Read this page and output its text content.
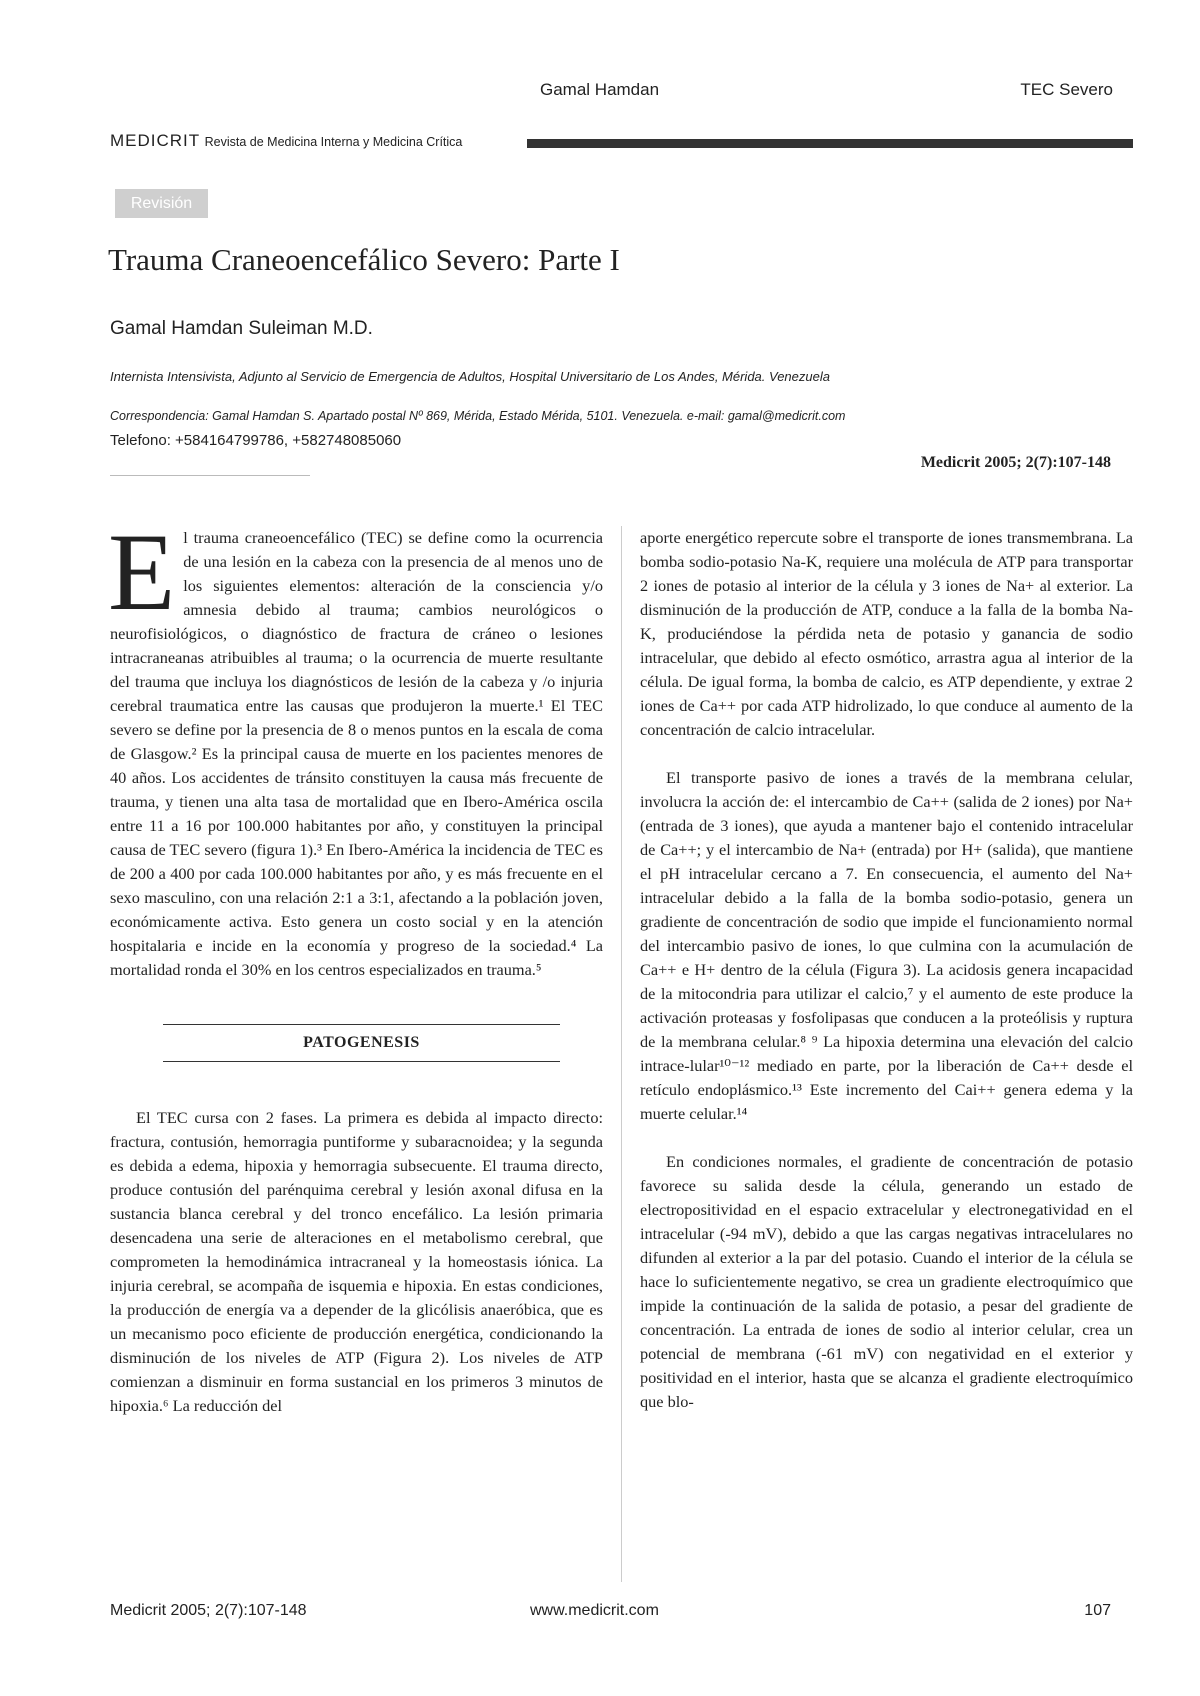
Gamal Hamdan	TEC Severo
MEDICRIT Revista de Medicina Interna y Medicina Crítica
Revisión
Trauma Craneoencefálico Severo: Parte I
Gamal Hamdan Suleiman M.D.
Internista Intensivista, Adjunto al Servicio de Emergencia de Adultos, Hospital Universitario de Los Andes, Mérida. Venezuela
Correspondencia: Gamal Hamdan S. Apartado postal Nº 869, Mérida, Estado Mérida, 5101. Venezuela. e-mail: gamal@medicrit.com
Telefono: +584164799786, +582748085060
Medicrit 2005; 2(7):107-148

El trauma craneoencefálico (TEC) se define como la ocurrencia de una lesión en la cabeza con la presencia de al menos uno de los siguientes elementos: alteración de la consciencia y/o amnesia debido al trauma; cambios neurológicos o neurofisiológicos, o diagnóstico de fractura de cráneo o lesiones intracraneanas atribuibles al trauma; o la ocurrencia de muerte resultante del trauma que incluya los diagnósticos de lesión de la cabeza y /o injuria cerebral traumatica entre las causas que produjeron la muerte.¹ El TEC severo se define por la presencia de 8 o menos puntos en la escala de coma de Glasgow.² Es la principal causa de muerte en los pacientes menores de 40 años. Los accidentes de tránsito constituyen la causa más frecuente de trauma, y tienen una alta tasa de mortalidad que en Ibero-América oscila entre 11 a 16 por 100.000 habitantes por año, y constituyen la principal causa de TEC severo (figura 1).³ En Ibero-América la incidencia de TEC es de 200 a 400 por cada 100.000 habitantes por año, y es más frecuente en el sexo masculino, con una relación 2:1 a 3:1, afectando a la población joven, económicamente activa. Esto genera un costo social y en la atención hospitalaria e incide en la economía y progreso de la sociedad.⁴ La mortalidad ronda el 30% en los centros especializados en trauma.⁵

PATOGENESIS

El TEC cursa con 2 fases. La primera es debida al impacto directo: fractura, contusión, hemorragia puntiforme y subaracnoidea; y la segunda es debida a edema, hipoxia y hemorragia subsecuente. El trauma directo, produce contusión del parénquima cerebral y lesión axonal difusa en la sustancia blanca cerebral y del tronco encefálico. La lesión primaria desencadena una serie de alteraciones en el metabolismo cerebral, que comprometen la hemodinámica intracraneal y la homeostasis iónica. La injuria cerebral, se acompaña de isquemia e hipoxia. En estas condiciones, la producción de energía va a depender de la glicólisis anaeróbica, que es un mecanismo poco eficiente de producción energética, condicionando la disminución de los niveles de ATP (Figura 2). Los niveles de ATP comienzan a disminuir en forma sustancial en los primeros 3 minutos de hipoxia.⁶ La reducción del

aporte energético repercute sobre el transporte de iones transmembrana. La bomba sodio-potasio Na-K, requiere una molécula de ATP para transportar 2 iones de potasio al interior de la célula y 3 iones de Na+ al exterior. La disminución de la producción de ATP, conduce a la falla de la bomba Na-K, produciéndose la pérdida neta de potasio y ganancia de sodio intracelular, que debido al efecto osmótico, arrastra agua al interior de la célula. De igual forma, la bomba de calcio, es ATP dependiente, y extrae 2 iones de Ca++ por cada ATP hidrolizado, lo que conduce al aumento de la concentración de calcio intracelular.

El transporte pasivo de iones a través de la membrana celular, involucra la acción de: el intercambio de Ca++ (salida de 2 iones) por Na+ (entrada de 3 iones), que ayuda a mantener bajo el contenido intracelular de Ca++; y el intercambio de Na+ (entrada) por H+ (salida), que mantiene el pH intracelular cercano a 7. En consecuencia, el aumento del Na+ intracelular debido a la falla de la bomba sodio-potasio, genera un gradiente de concentración de sodio que impide el funcionamiento normal del intercambio pasivo de iones, lo que culmina con la acumulación de Ca++ e H+ dentro de la célula (Figura 3). La acidosis genera incapacidad de la mitocondria para utilizar el calcio,⁷ y el aumento de este produce la activación proteasas y fosfolipasas que conducen a la proteólisis y ruptura de la membrana celular.⁸ ⁹ La hipoxia determina una elevación del calcio intrace-lular¹⁰⁻¹² mediado en parte, por la liberación de Ca++ desde el retículo endoplásmico.¹³ Este incremento del Cai++ genera edema y la muerte celular.¹⁴

En condiciones normales, el gradiente de concentración de potasio favorece su salida desde la célula, generando un estado de electropositividad en el espacio extracelular y electronegatividad en el intracelular (-94 mV), debido a que las cargas negativas intracelulares no difunden al exterior a la par del potasio. Cuando el interior de la célula se hace lo suficientemente negativo, se crea un gradiente electroquímico que impide la continuación de la salida de potasio, a pesar del gradiente de concentración. La entrada de iones de sodio al interior celular, crea un potencial de membrana (-61 mV) con negatividad en el exterior y positividad en el interior, hasta que se alcanza el gradiente electroquímico que blo-

Medicrit 2005; 2(7):107-148	www.medicrit.com	107
